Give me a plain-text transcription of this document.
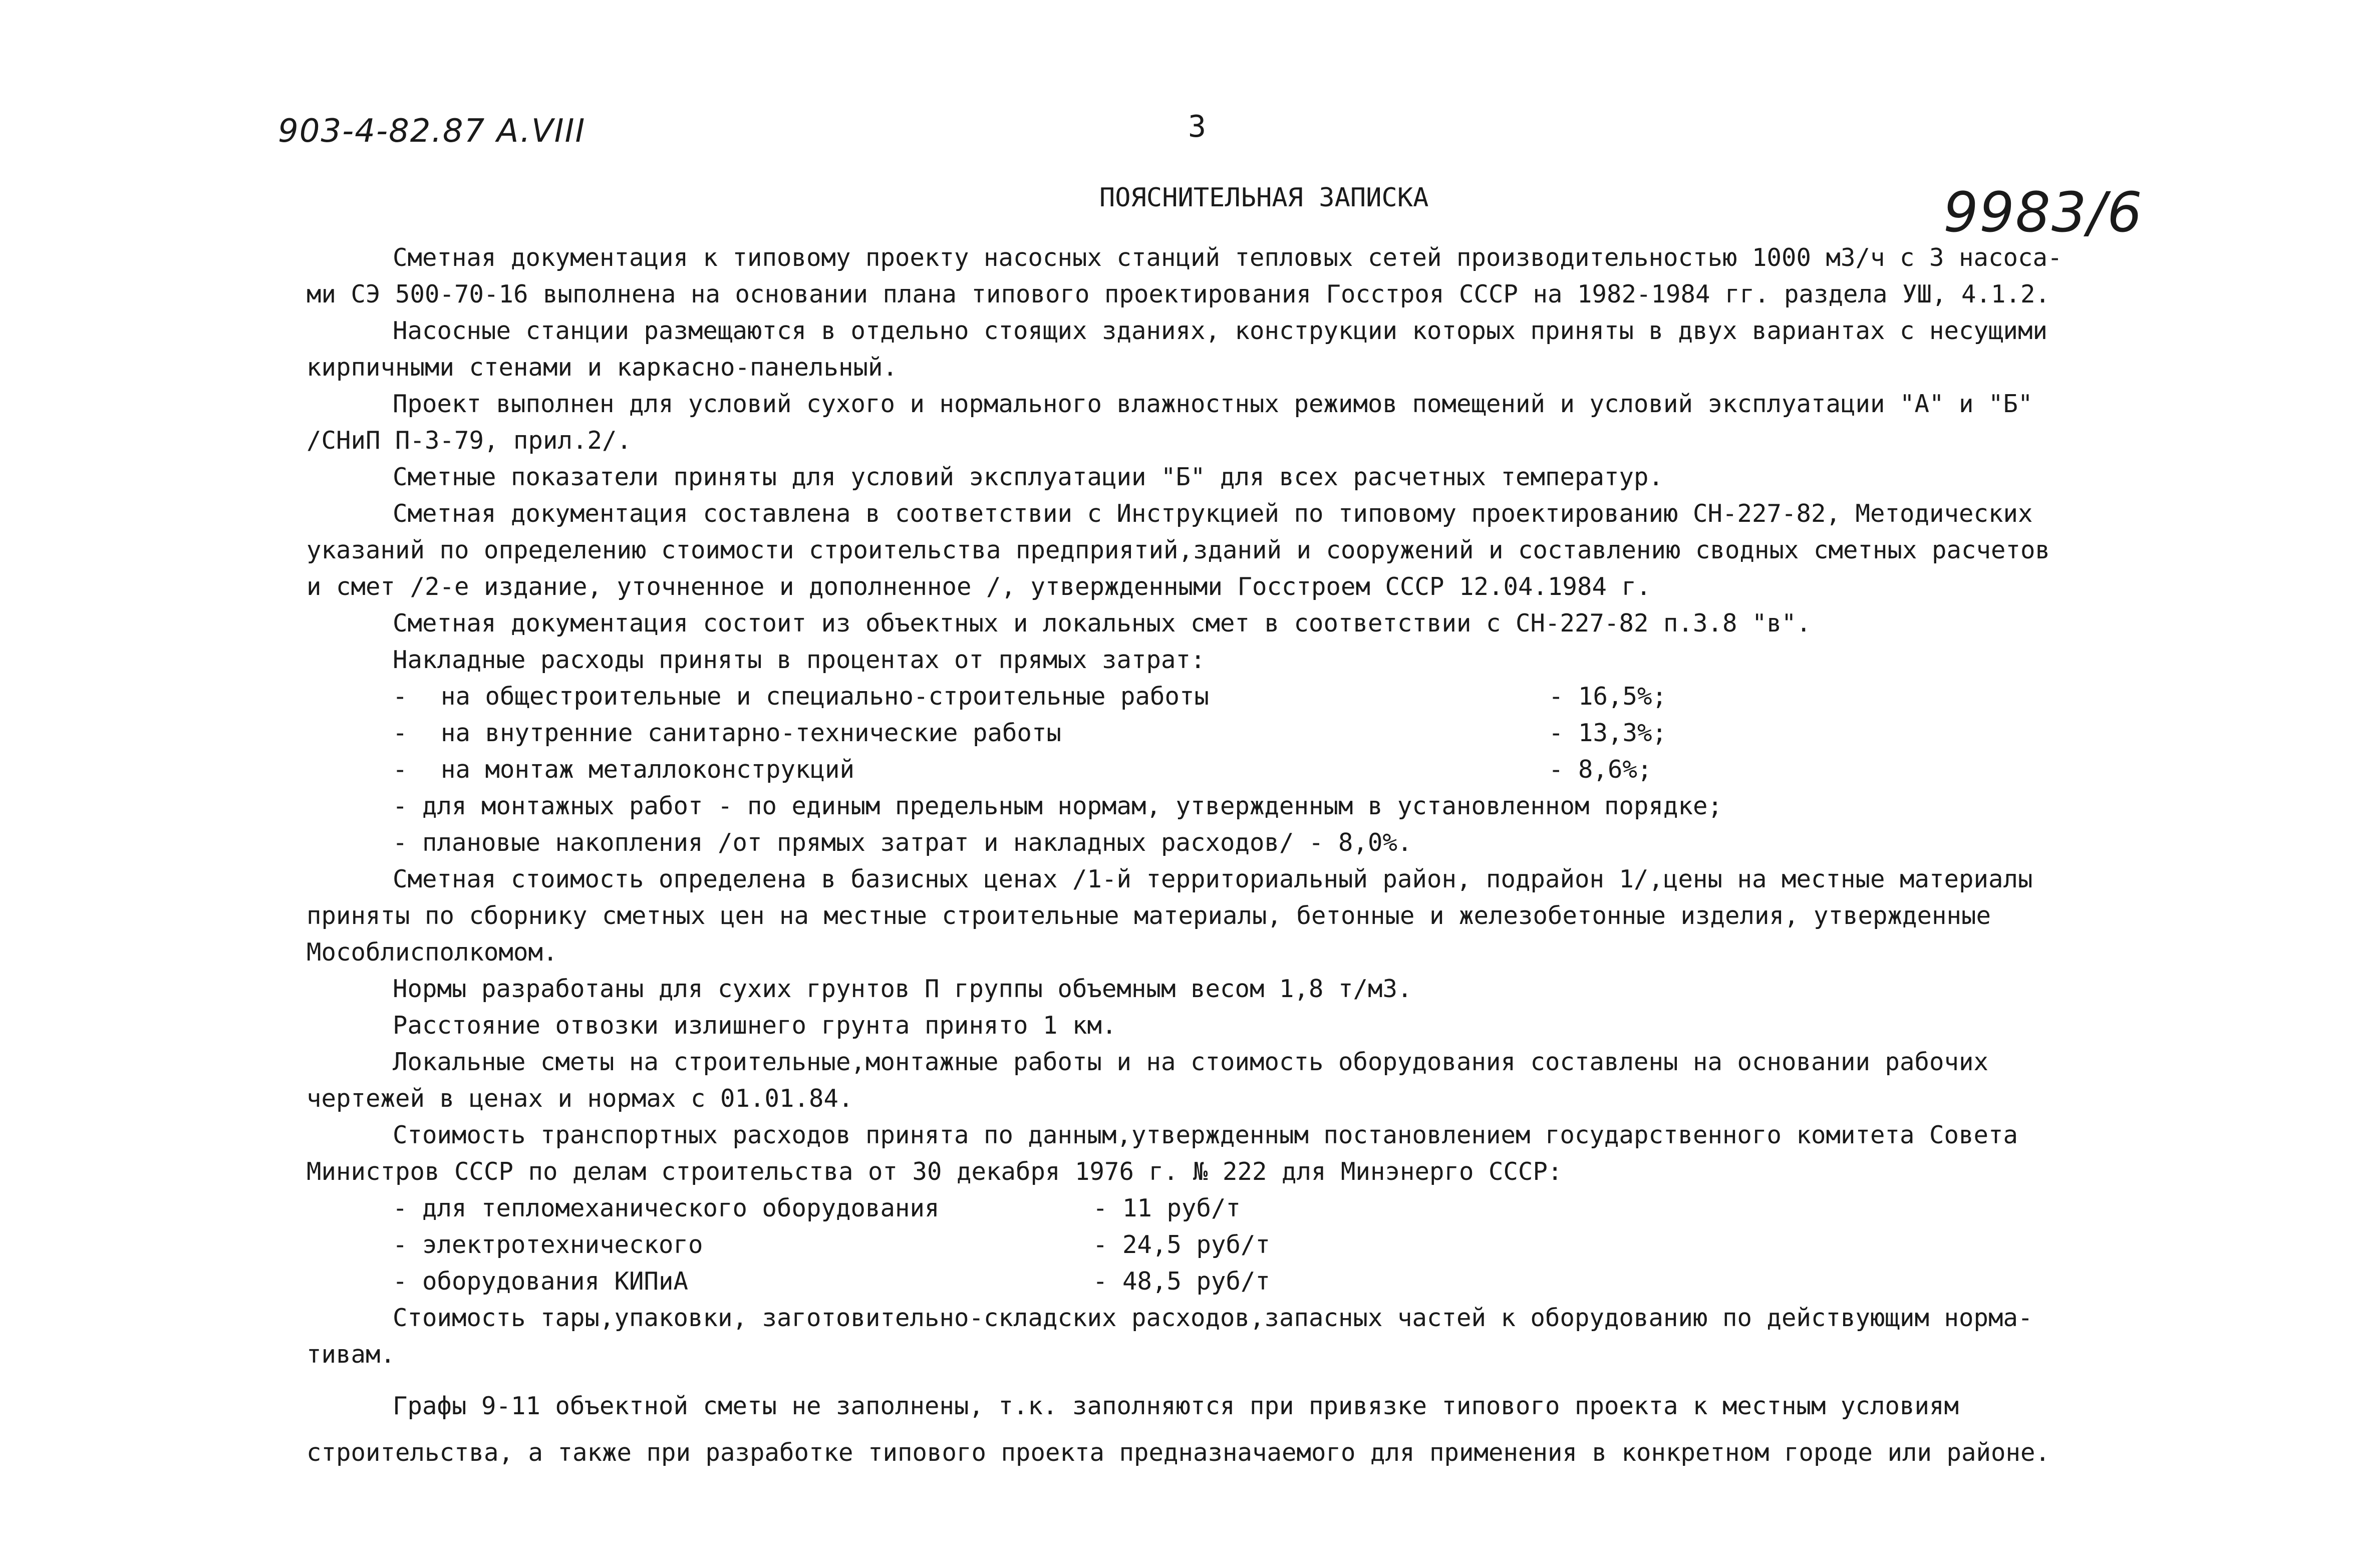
903-4-82.87 A.VIII	3
ПОЯСНИТЕЛЬНАЯ ЗАПИСКА	9983/6
Сметная документация к типовому проекту насосных станций тепловых сетей производительностью 1000 м3/ч с 3 насоса-
ми СЭ 500-70-16 выполнена на основании плана типового проектирования Госстроя СССР на 1982-1984 гг. раздела УШ, 4.1.2.
Насосные станции размещаются в отдельно стоящих зданиях, конструкции которых приняты в двух вариантах с несущими
кирпичными стенами и каркасно-панельный.
Проект выполнен для условий сухого и нормального влажностных режимов помещений и условий эксплуатации "А" и "Б"
/СНиП П-3-79, прил.2/.
Сметные показатели приняты для условий эксплуатации "Б" для всех расчетных температур.
Сметная документация составлена в соответствии с Инструкцией по типовому проектированию СН-227-82, Методических
указаний по определению стоимости строительства предприятий,зданий и сооружений и составлению сводных сметных расчетов
и смет /2-е издание, уточненное и дополненное /, утвержденными Госстроем СССР 12.04.1984 г.
Сметная документация состоит из объектных и локальных смет в соответствии с СН-227-82 п.3.8 "в".
Накладные расходы приняты в процентах от прямых затрат:
- на общестроительные и специально-строительные работы	- 16,5%;
- на внутренние санитарно-технические работы	- 13,3%;
- на монтаж металлоконструкций	- 8,6%;
- для монтажных работ - по единым предельным нормам, утвержденным в установленном порядке;
- плановые накопления /от прямых затрат и накладных расходов/ - 8,0%.
Сметная стоимость определена в базисных ценах /1-й территориальный район, подрайон 1/,цены на местные материалы
приняты по сборнику сметных цен на местные строительные материалы, бетонные и железобетонные изделия, утвержденные
Мособлисполкомом.
Нормы разработаны для сухих грунтов П группы объемным весом 1,8 т/м3.
Расстояние отвозки излишнего грунта принято 1 км.
Локальные сметы на строительные,монтажные работы и на стоимость оборудования составлены на основании рабочих
чертежей в ценах и нормах с 01.01.84.
Стоимость транспортных расходов принята по данным,утвержденным постановлением государственного комитета Совета
Министров СССР по делам строительства от 30 декабря 1976 г. № 222 для Минэнерго СССР:
- для тепломеханического оборудования	- 11 руб/т
- электротехнического	- 24,5 руб/т
- оборудования КИПиА	- 48,5 руб/т
Стоимость тары,упаковки, заготовительно-складских расходов,запасных частей к оборудованию по действующим норма-
тивам.
Графы 9-11 объектной сметы не заполнены, т.к. заполняются при привязке типового проекта к местным условиям
строительства, а также при разработке типового проекта предназначаемого для применения в конкретном городе или районе.
